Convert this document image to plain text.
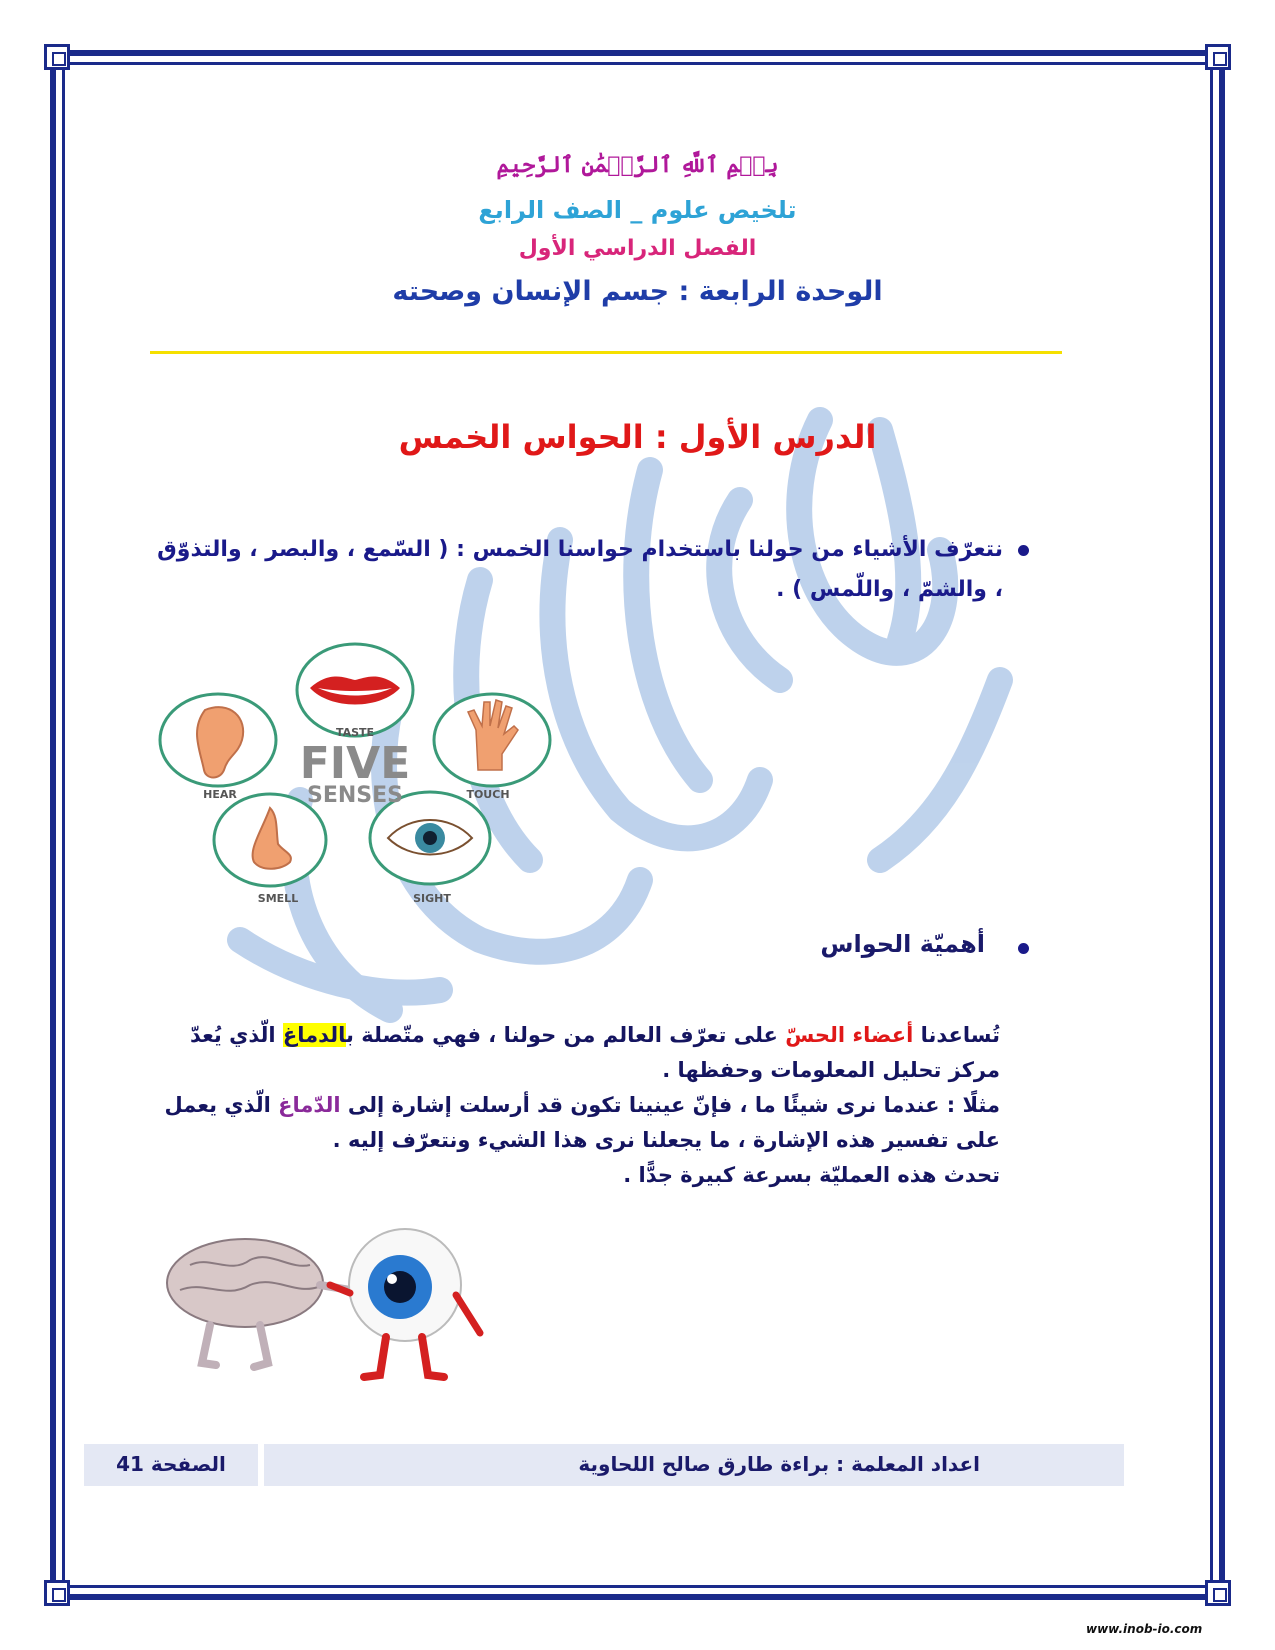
بِسۡمِ ٱللَّهِ ٱلرَّحۡمَٰنِ ٱلرَّحِيمِ
تلخيص علوم _ الصف الرابع
الفصل الدراسي الأول
الوحدة الرابعة : جسم الإنسان وصحته
الدرس الأول : الحواس الخمس
نتعرّف الأشياء من حولنا باستخدام حواسنا الخمس : ( السّمع ، والبصر ، والتذوّق ، والشمّ ، واللّمس ) .
FIVE
SENSES
TASTE
HEAR	TOUCH
SMELL	SIGHT
أهميّة الحواس

تُساعدنا أعضاء الحسّ على تعرّف العالم من حولنا ، فهي متّصلة بالدماغ الّذي يُعدّ مركز تحليل المعلومات وحفظها .

مثلًا : عندما نرى شيئًا ما ، فإنّ عينينا تكون قد أرسلت إشارة إلى الدّماغ الّذي يعمل على تفسير هذه الإشارة ، ما يجعلنا نرى هذا الشيء ونتعرّف إليه .

تحدث هذه العمليّة بسرعة كبيرة جدًّا .

اعداد المعلمة : براءة طارق صالح اللحاوية
الصفحة 41
www.inob-io.com
